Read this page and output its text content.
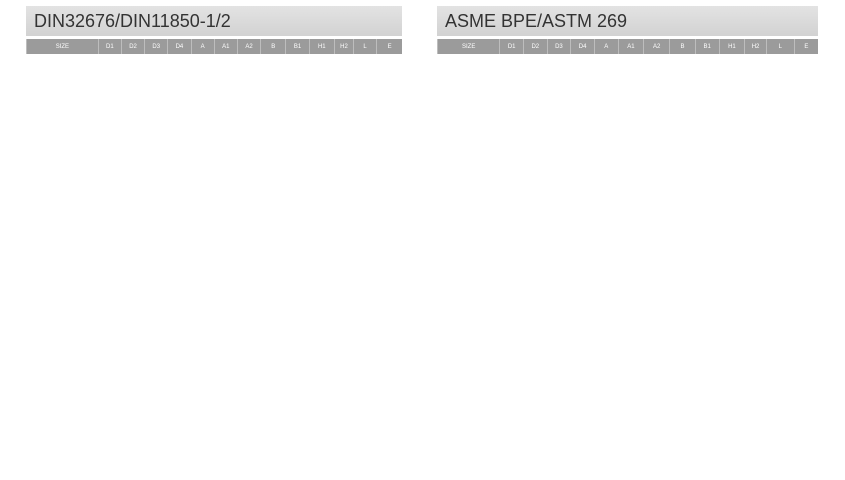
DIN32676/DIN11850-1/2
SIZE	D1	D2	D3	D4	A	A1	A2	B	B1	H1	H2	L	E
ASME BPE/ASTM 269
SIZE	D1	D2	D3	D4	A	A1	A2	B	B1	H1	H2	L	E
